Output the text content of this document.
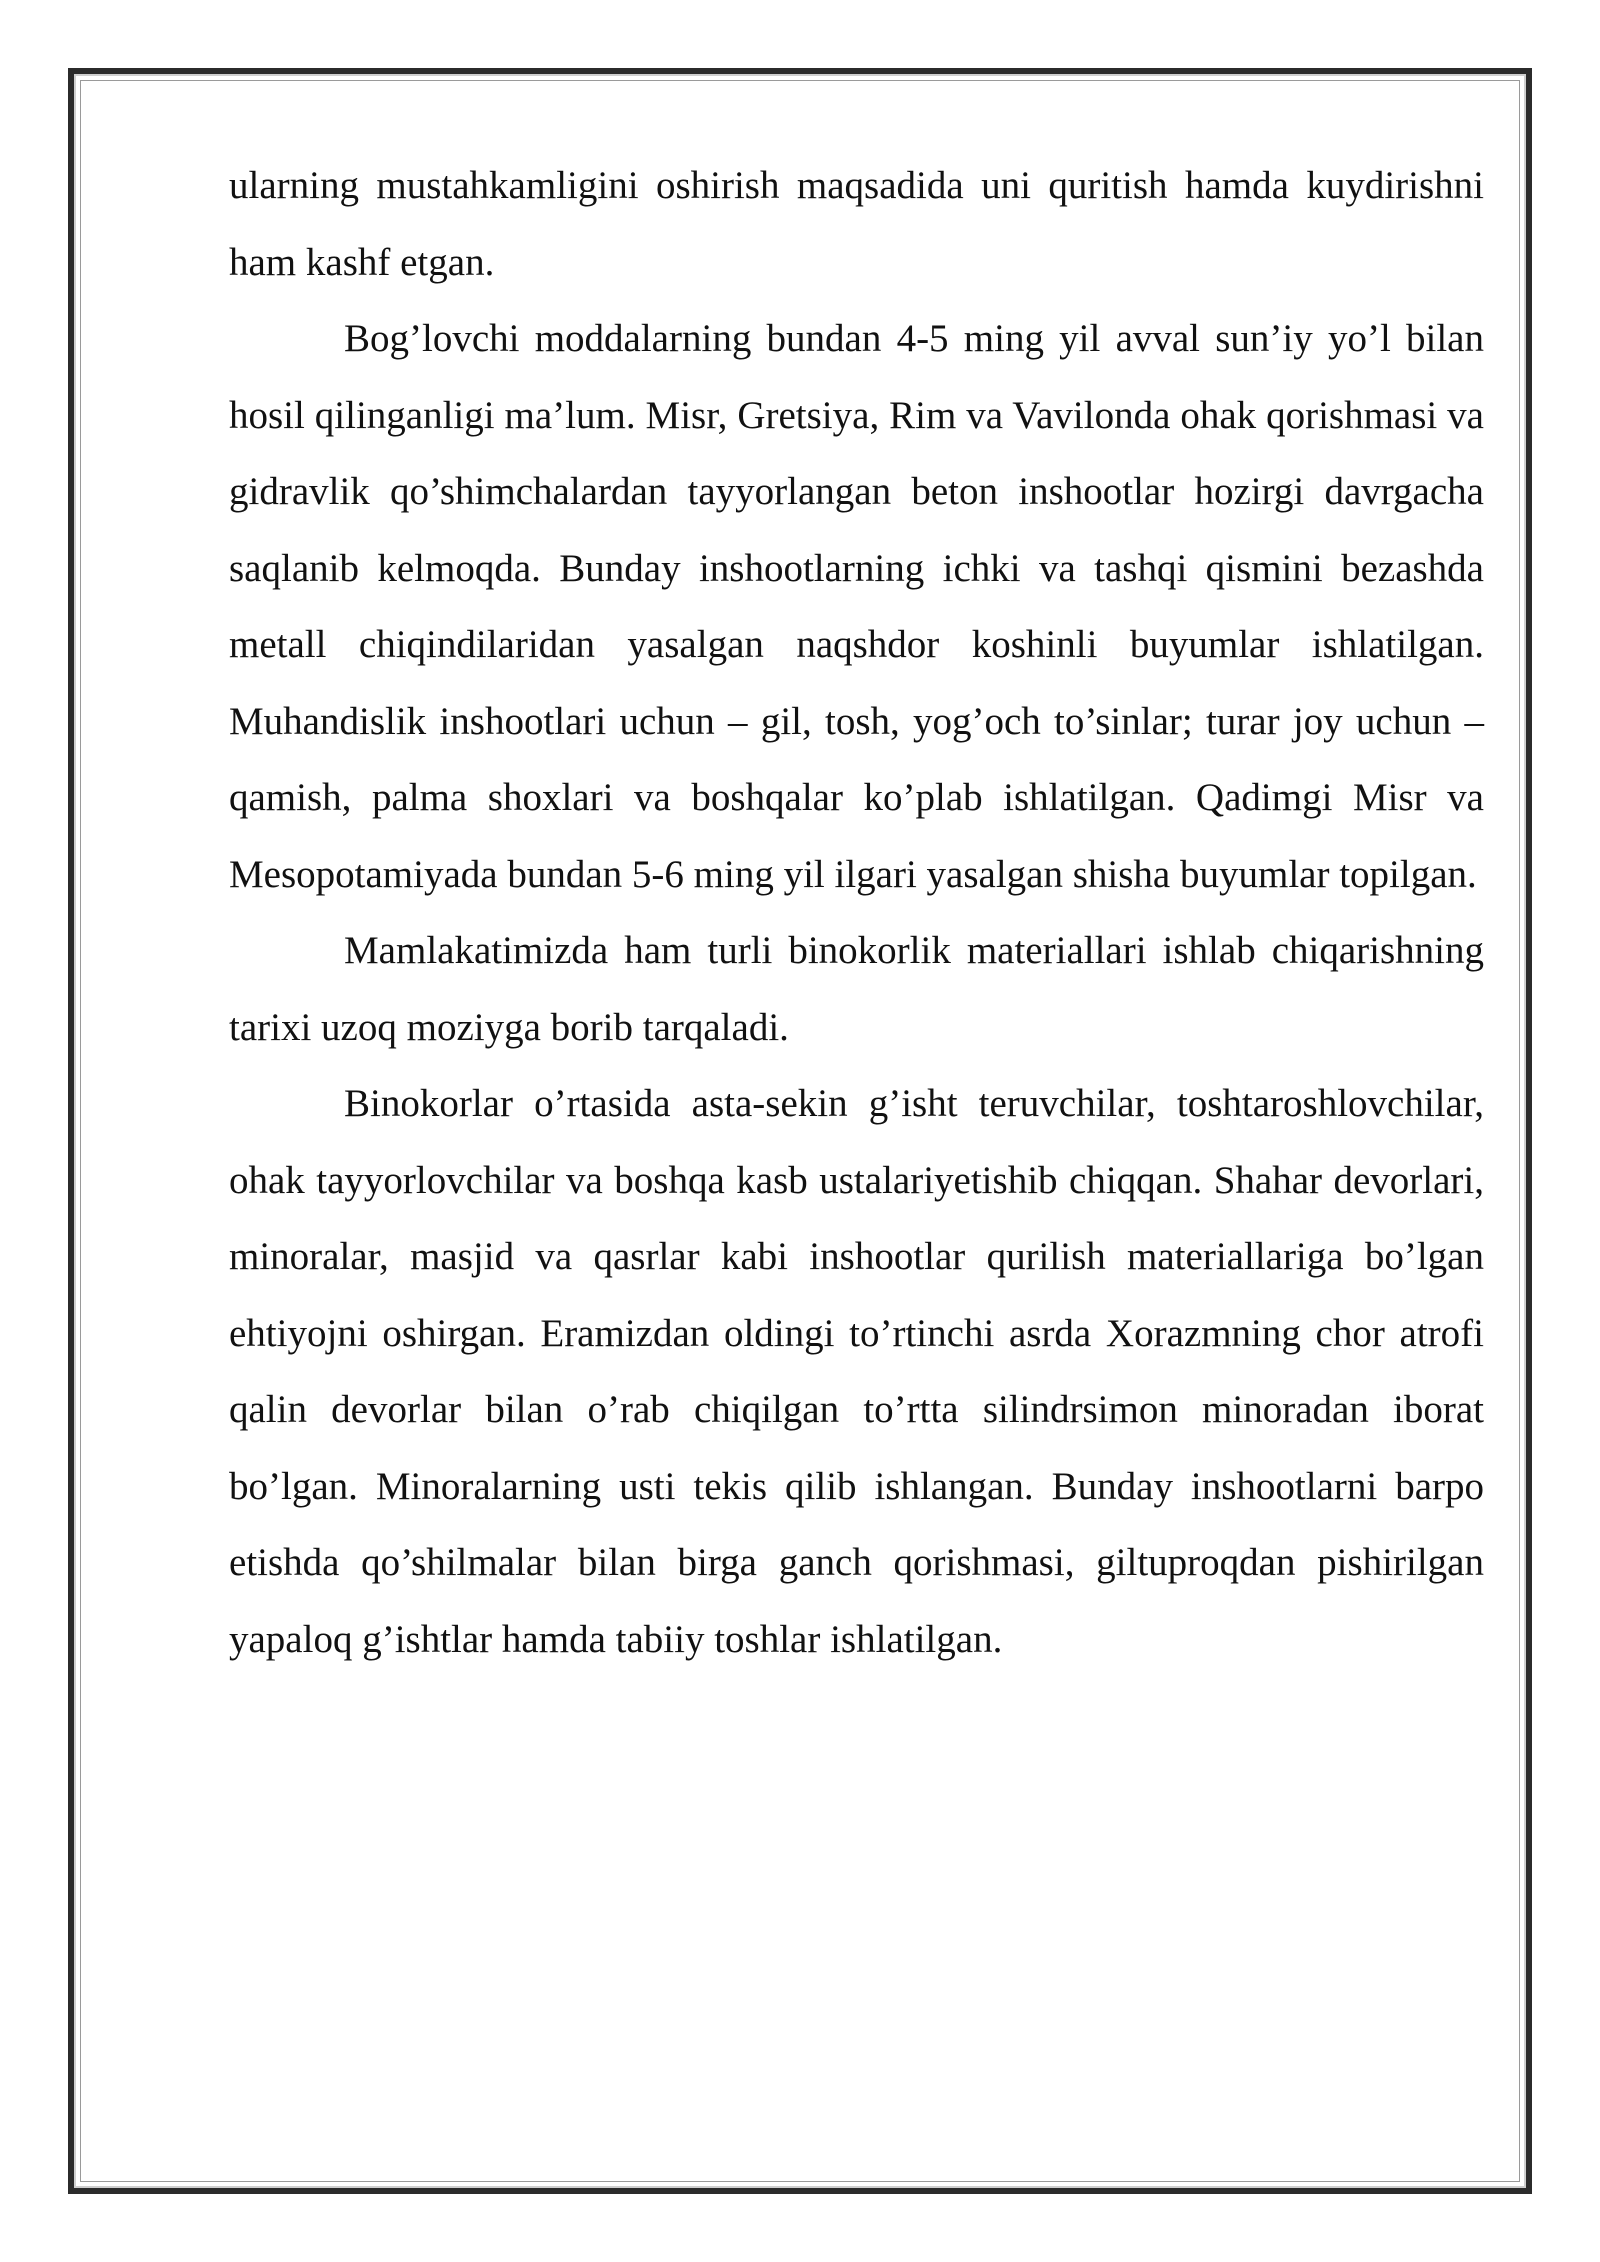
ularning mustahkamligini oshirish maqsadida uni quritish hamda kuydirishni ham kashf etgan.

Bog’lovchi moddalarning bundan 4-5 ming yil avval sun’iy yo’l bilan hosil qilinganligi ma’lum. Misr, Gretsiya, Rim va Vavilonda ohak qorishmasi va gidravlik qo’shimchalardan tayyorlangan beton inshootlar hozirgi davrgacha saqlanib kelmoqda. Bunday inshootlarning ichki va tashqi qismini bezashda metall chiqindilaridan yasalgan naqshdor koshinli buyumlar ishlatilgan. Muhandislik inshootlari uchun – gil, tosh, yog’och to’sinlar; turar joy uchun – qamish, palma shoxlari va boshqalar ko’plab ishlatilgan. Qadimgi Misr va Mesopotamiyada bundan 5-6 ming yil ilgari yasalgan shisha buyumlar topilgan.

Mamlakatimizda ham turli binokorlik materiallari ishlab chiqarishning tarixi uzoq moziyga borib tarqaladi.

Binokorlar o’rtasida asta-sekin g’isht teruvchilar, toshtaroshlovchilar, ohak tayyorlovchilar va boshqa kasb ustalariyetishib chiqqan. Shahar devorlari, minoralar, masjid va qasrlar kabi inshootlar qurilish materiallariga bo’lgan ehtiyojni oshirgan. Eramizdan oldingi to’rtinchi asrda Xorazmning chor atrofi qalin devorlar bilan o’rab chiqilgan to’rtta silindrsimon minoradan iborat bo’lgan. Minoralarning usti tekis qilib ishlangan. Bunday inshootlarni barpo etishda qo’shilmalar bilan birga ganch qorishmasi, giltuproqdan pishirilgan yapaloq g’ishtlar hamda tabiiy toshlar ishlatilgan.
